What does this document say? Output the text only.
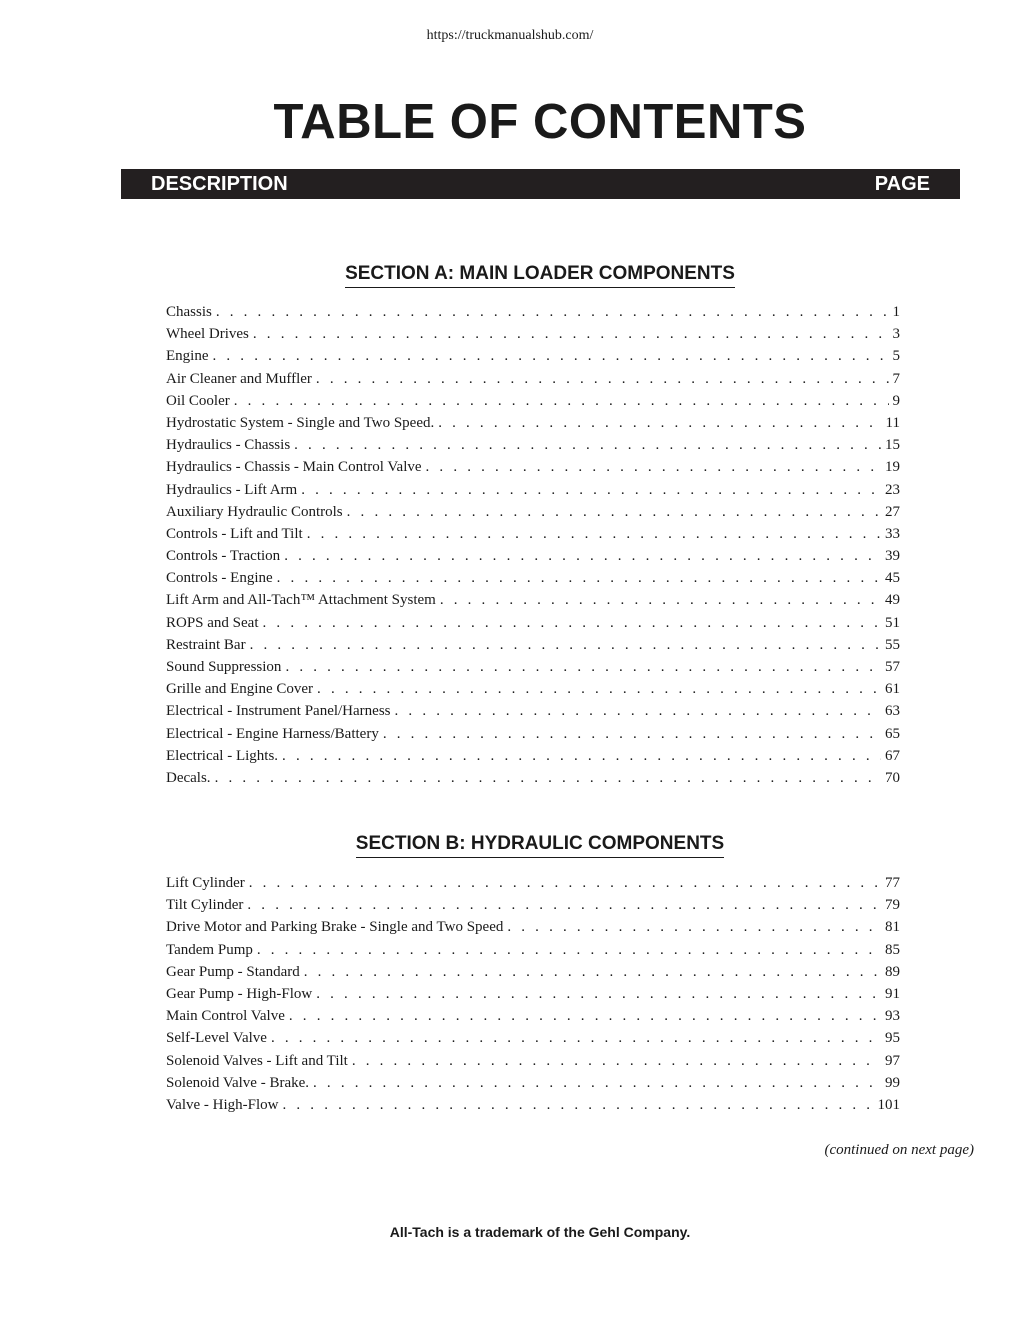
https://truckmanualshub.com/
TABLE OF CONTENTS
DESCRIPTION	PAGE
SECTION A: MAIN LOADER COMPONENTS
Chassis . . .	1
Wheel Drives . . .	3
Engine . . .	5
Air Cleaner and Muffler . . .	7
Oil Cooler . . .	9
Hydrostatic System - Single and Two Speed. . . .	11
Hydraulics - Chassis . . .	15
Hydraulics - Chassis - Main Control Valve . . .	19
Hydraulics - Lift Arm . . .	23
Auxiliary Hydraulic Controls . . .	27
Controls - Lift and Tilt . . .	33
Controls - Traction . . .	39
Controls - Engine . . .	45
Lift Arm and All-Tach™ Attachment System . . .	49
ROPS and Seat . . .	51
Restraint Bar . . .	55
Sound Suppression . . .	57
Grille and Engine Cover . . .	61
Electrical - Instrument Panel/Harness . . .	63
Electrical - Engine Harness/Battery . . .	65
Electrical - Lights. . . .	67
Decals. . . .	70
SECTION B: HYDRAULIC COMPONENTS
Lift Cylinder . . .	77
Tilt Cylinder . . .	79
Drive Motor and Parking Brake - Single and Two Speed . . .	81
Tandem Pump . . .	85
Gear Pump - Standard . . .	89
Gear Pump - High-Flow . . .	91
Main Control Valve . . .	93
Self-Level Valve . . .	95
Solenoid Valves - Lift and Tilt . . .	97
Solenoid Valve - Brake. . . .	99
Valve - High-Flow . . .	101
(continued on next page)
All-Tach is a trademark of the Gehl Company.
